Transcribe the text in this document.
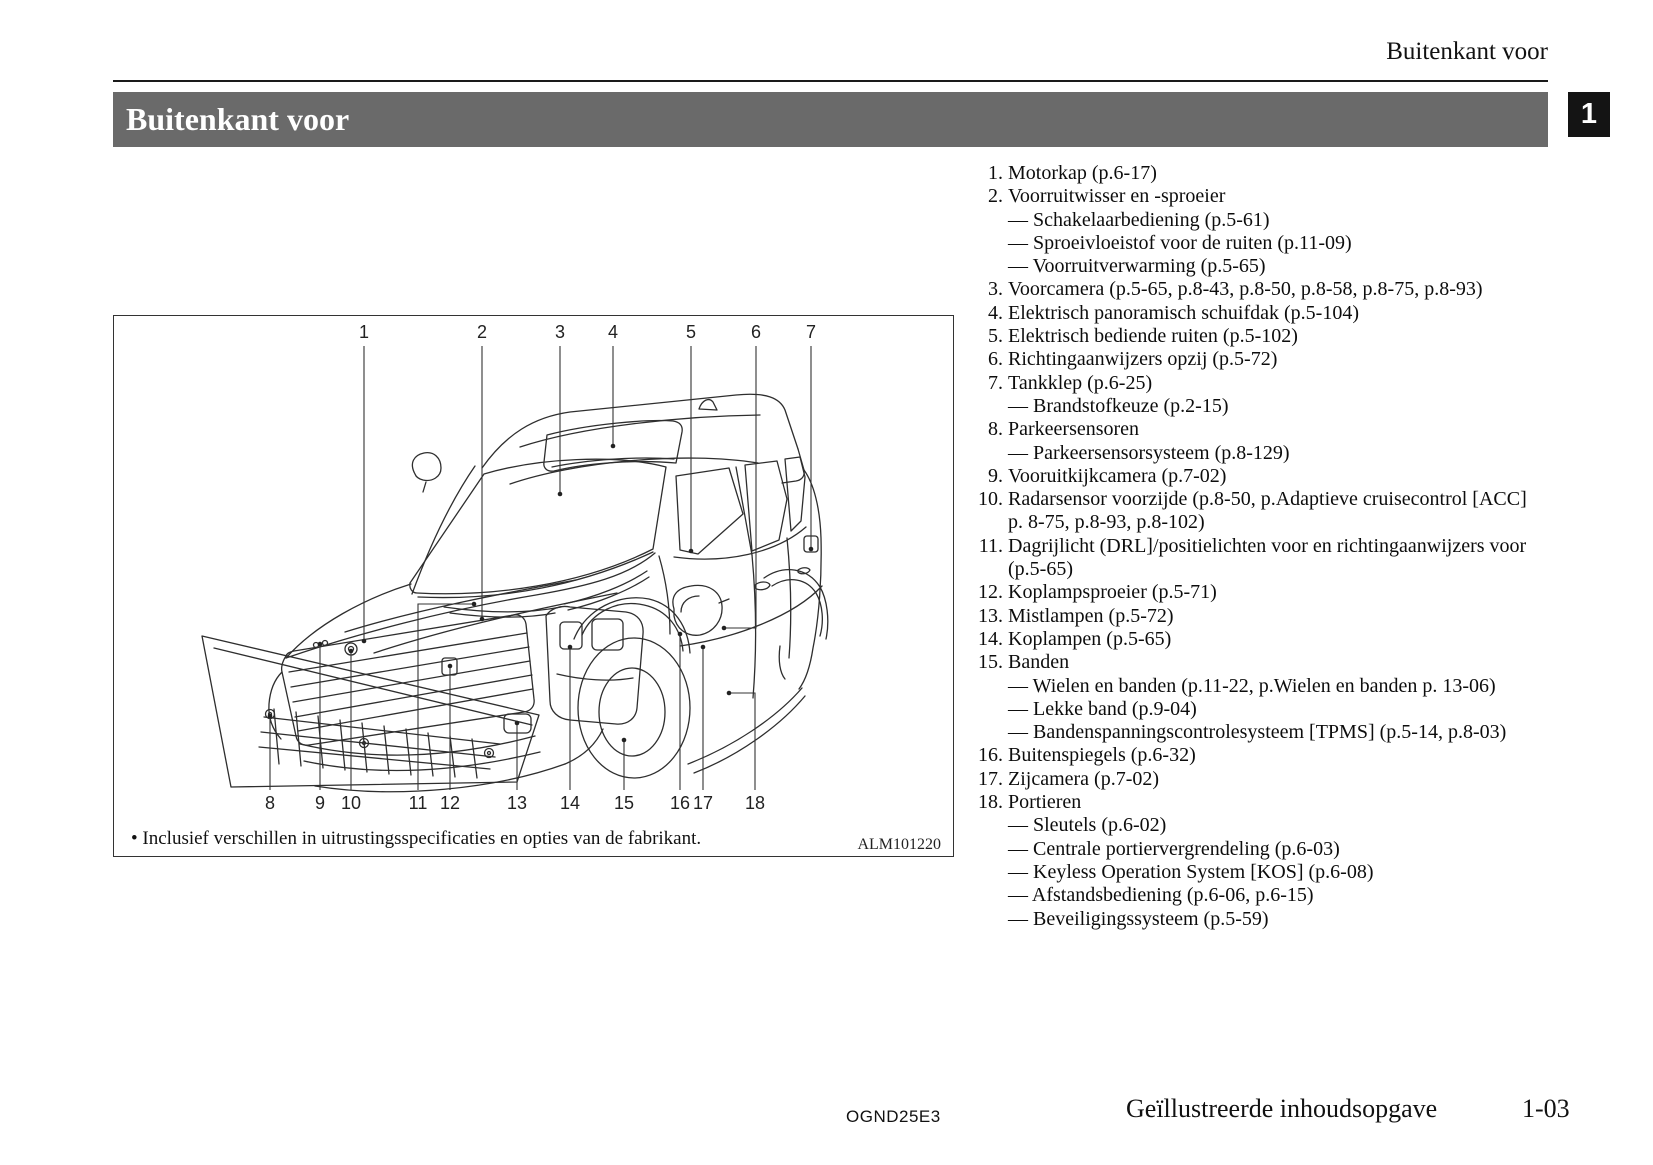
Buitenkant voor
Buitenkant voor	1
1	2	3 4	5	6 7
8 9 10	11 12	13 14 15 16 17 18
• Inclusief verschillen in uitrustingsspecificaties en opties van de fabrikant.	ALM101220
1. Motorkap (p.6-17)
2. Voorruitwisser en -sproeier
— Schakelaarbediening (p.5-61)
— Sproeivloeistof voor de ruiten (p.11-09)
— Voorruitverwarming (p.5-65)
3. Voorcamera (p.5-65, p.8-43, p.8-50, p.8-58, p.8-75, p.8-93)
4. Elektrisch panoramisch schuifdak (p.5-104)
5. Elektrisch bediende ruiten (p.5-102)
6. Richtingaanwijzers opzij (p.5-72)
7. Tankklep (p.6-25)
— Brandstofkeuze (p.2-15)
8. Parkeersensoren
— Parkeersensorsysteem (p.8-129)
9. Vooruitkijkcamera (p.7-02)
10. Radarsensor voorzijde (p.8-50, p.Adaptieve cruisecontrol [ACC]
p. 8-75, p.8-93, p.8-102)
11. Dagrijlicht (DRL]/positielichten voor en richtingaanwijzers voor
(p.5-65)
12. Koplampsproeier (p.5-71)
13. Mistlampen (p.5-72)
14. Koplampen (p.5-65)
15. Banden
— Wielen en banden (p.11-22, p.Wielen en banden p. 13-06)
— Lekke band (p.9-04)
— Bandenspanningscontrolesysteem [TPMS] (p.5-14, p.8-03)
16. Buitenspiegels (p.6-32)
17. Zijcamera (p.7-02)
18. Portieren
— Sleutels (p.6-02)
— Centrale portiervergrendeling (p.6-03)
— Keyless Operation System [KOS] (p.6-08)
— Afstandsbediening (p.6-06, p.6-15)
— Beveiligingssysteem (p.5-59)
OGND25E3	Geïllustreerde inhoudsopgave	1-03
